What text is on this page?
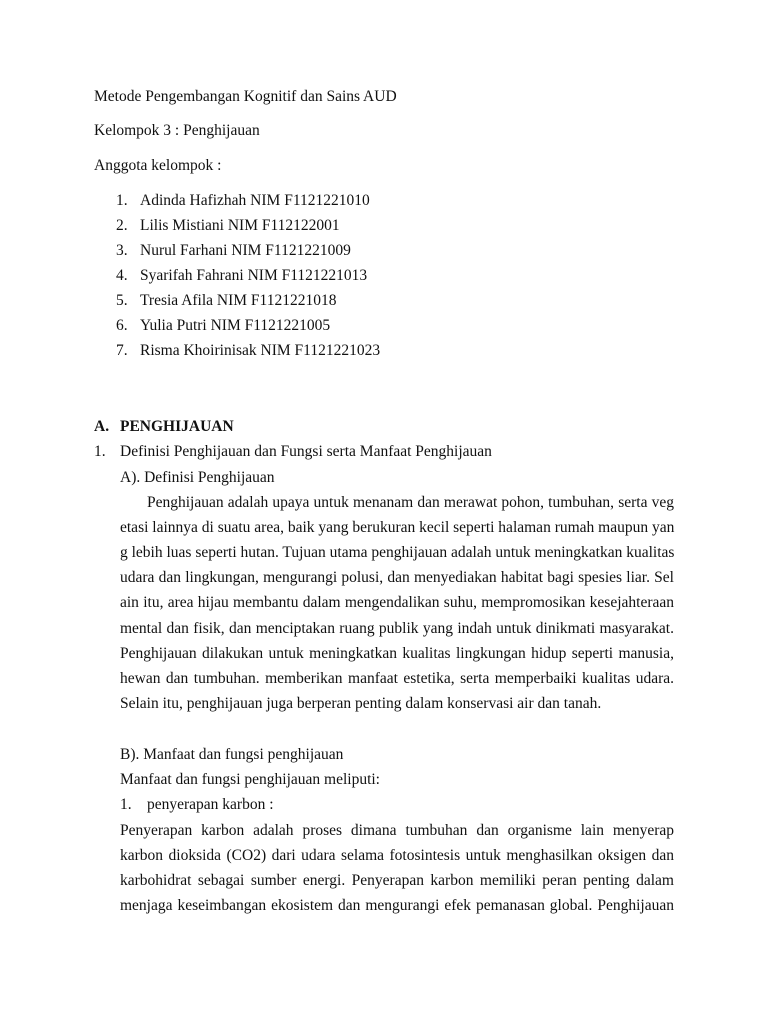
Metode Pengembangan Kognitif dan Sains AUD
Kelompok 3 : Penghijauan
Anggota kelompok :
1. Adinda Hafizhah NIM F1121221010
2. Lilis Mistiani NIM F112122001
3. Nurul Farhani NIM F1121221009
4. Syarifah Fahrani NIM F1121221013
5. Tresia Afila NIM F1121221018
6. Yulia Putri NIM F1121221005
7. Risma Khoirinisak NIM F1121221023
A. PENGHIJAUAN
1. Definisi Penghijauan dan Fungsi serta Manfaat Penghijauan
A). Definisi Penghijauan
Penghijauan adalah upaya untuk menanam dan merawat pohon, tumbuhan, serta veg
etasi lainnya di suatu area, baik yang berukuran kecil seperti halaman rumah maupun yan
g lebih luas seperti hutan. Tujuan utama penghijauan adalah untuk meningkatkan kualitas
udara dan lingkungan, mengurangi polusi, dan menyediakan habitat bagi spesies liar. Sel
ain itu, area hijau membantu dalam mengendalikan suhu, mempromosikan kesejahteraan
mental dan fisik, dan menciptakan ruang publik yang indah untuk dinikmati masyarakat.
Penghijauan dilakukan untuk meningkatkan kualitas lingkungan hidup seperti manusia,
hewan dan tumbuhan. memberikan manfaat estetika, serta memperbaiki kualitas udara.
Selain itu, penghijauan juga berperan penting dalam konservasi air dan tanah.
B). Manfaat dan fungsi penghijauan
Manfaat dan fungsi penghijauan meliputi:
1. penyerapan karbon :
Penyerapan karbon adalah proses dimana tumbuhan dan organisme lain menyerap
karbon dioksida (CO2) dari udara selama fotosintesis untuk menghasilkan oksigen dan
karbohidrat sebagai sumber energi. Penyerapan karbon memiliki peran penting dalam
menjaga keseimbangan ekosistem dan mengurangi efek pemanasan global. Penghijauan
